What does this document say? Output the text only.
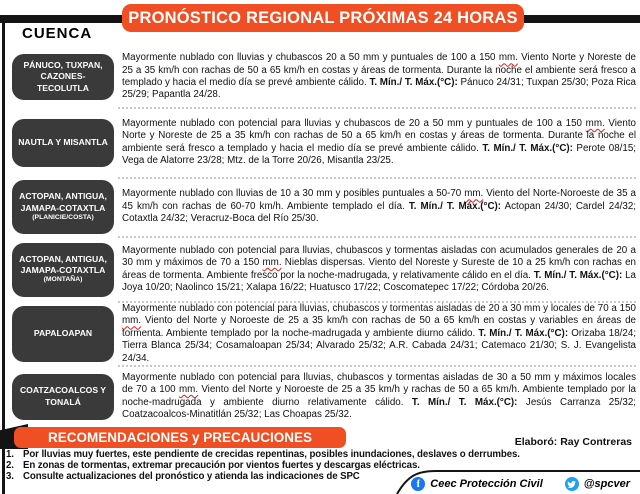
PRONÓSTICO REGIONAL PRÓXIMAS 24 HORAS
CUENCA
PÁNUCO, TUXPAN, CAZONES-TECOLUTLA
Mayormente nublado con lluvias y chubascos 20 a 50 mm y puntuales de 100 a 150 mm. Viento Norte y Noreste de 25 a 35 km/h con rachas de 50 a 65 km/h en costas y áreas de tormenta. Durante la noche el ambiente será fresco a templado y hacia el medio día se prevé ambiente cálido. T. Mín./ T. Máx.(°C): Pánuco 24/31; Tuxpan 25/30; Poza Rica 25/29; Papantla 24/28.
NAUTLA Y MISANTLA
Mayormente nublado con potencial para lluvias y chubascos de 20 a 50 mm y puntuales de 100 a 150 mm. Viento Norte y Noreste de 25 a 35 km/h con rachas de 50 a 65 km/h en costas y áreas de tormenta. Durante la noche el ambiente será fresco a templado y hacia el medio día se prevé ambiente cálido. T. Mín./ T. Máx.(°C): Perote 08/15; Vega de Alatorre 23/28; Mtz. de la Torre 20/26, Misantla 23/25.
ACTOPAN, ANTIGUA, JAMAPA-COTAXTLA
(PLANICIE/COSTA)
Mayormente nublado con lluvias de 10 a 30 mm y posibles puntuales a 50-70 mm. Viento del Norte-Noroeste de 35 a 45 km/h con rachas de 60-70 km/h. Ambiente templado el día. T. Mín./ T. Máx.(°C): Actopan 24/30; Cardel 24/32; Cotaxtla 24/32; Veracruz-Boca del Río 25/30.
ACTOPAN, ANTIGUA, JAMAPA-COTAXTLA
(MONTAÑA)
Mayormente nublado con potencial para lluvias, chubascos y tormentas aisladas con acumulados generales de 20 a 30 mm y máximos de 70 a 150 mm. Nieblas dispersas. Viento del Noreste y Sureste de 10 a 25 km/h con rachas en áreas de tormenta. Ambiente fresco por la noche-madrugada, y relativamente cálido en el día. T. Mín./ T. Máx.(°C): La Joya 10/20; Naolinco 15/21; Xalapa 16/22; Huatusco 17/22; Coscomatepec 17/22; Córdoba 20/26.
PAPALOAPAN
Mayormente nublado con potencial para lluvias, chubascos y tormentas aisladas de 20 a 30 mm y locales de 70 a 150 mm. Viento del Norte y Noroeste de 25 a 35 km/h con rachas de 50 a 65 km/h en costas y variables en áreas de tormenta. Ambiente templado por la noche-madrugada y ambiente diurno cálido. T. Mín./ T. Máx.(°C): Orizaba 18/24; Tierra Blanca 25/34; Cosamaloapan 25/34; Alvarado 25/32; A.R. Cabada 24/31; Catemaco 21/30; S. J. Evangelista 24/34.
COATZACOALCOS Y TONALÁ
Mayormente nublado con potencial para lluvias, chubascos y tormentas aisladas de 30 a 50 mm y máximos locales de 70 a 100 mm. Viento del Norte y Noroeste de 25 a 35 km/h y rachas de 50 a 65 km/h. Ambiente templado por la noche-madrugada y ambiente diurno relativamente cálido. T. Mín./ T. Máx.(°C): Jesús Carranza 25/32; Coatzacoalcos-Minatitlán 25/32; Las Choapas 25/32.
RECOMENDACIONES y PRECAUCIONES	Elaboró: Ray Contreras
1. Por lluvias muy fuertes, este pendiente de crecidas repentinas, posibles inundaciones, deslaves o derrumbes.
2. En zonas de tormentas, extremar precaución por vientos fuertes y descargas eléctricas.
3. Consulte actualizaciones del pronóstico y atienda las indicaciones de SPC
f Ceec Protección Civil	@spcver
